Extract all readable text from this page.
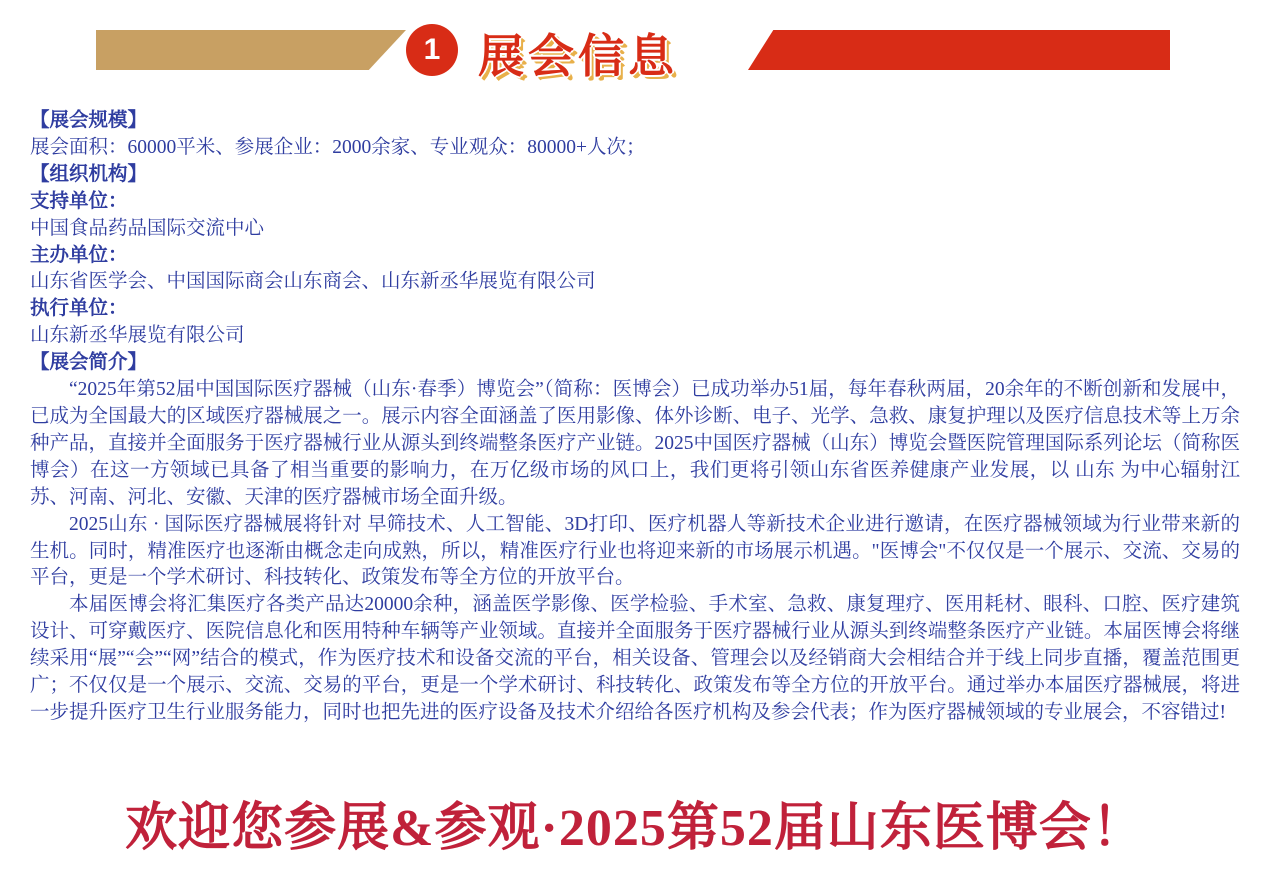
1 展会信息
【展会规模】
展会面积：60000平米、参展企业：2000余家、专业观众：80000+人次；
【组织机构】
支持单位：
中国食品药品国际交流中心
主办单位：
山东省医学会、中国国际商会山东商会、山东新丞华展览有限公司
执行单位：
山东新丞华展览有限公司
【展会简介】
“2025年第52届中国国际医疗器械（山东·春季）博览会”（简称：医博会）已成功举办51届，每年春秋两届，20余年的不断创新和发展中，已成为全国最大的区域医疗器械展之一。展示内容全面涵盖了医用影像、体外诊断、电子、光学、急救、康复护理以及医疗信息技术等上万余种产品，直接并全面服务于医疗器械行业从源头到终端整条医疗产业链。2025中国医疗器械（山东）博览会暨医院管理国际系列论坛（简称医博会）在这一方领域已具备了相当重要的影响力，在万亿级市场的风口上，我们更将引领山东省医养健康产业发展，以 山东 为中心辐射江苏、河南、河北、安徽、天津的医疗器械市场全面升级。
2025山东 · 国际医疗器械展将针对 早筛技术、人工智能、3D打印、医疗机器人等新技术企业进行邀请，在医疗器械领域为行业带来新的生机。同时，精准医疗也逐渐由概念走向成熟，所以，精准医疗行业也将迎来新的市场展示机遇。"医博会"不仅仅是一个展示、交流、交易的平台，更是一个学术研讨、科技转化、政策发布等全方位的开放平台。
本届医博会将汇集医疗各类产品达20000余种，涵盖医学影像、医学检验、手术室、急救、康复理疗、医用耗材、眼科、口腔、医疗建筑设计、可穿戴医疗、医院信息化和医用特种车辆等产业领域。直接并全面服务于医疗器械行业从源头到终端整条医疗产业链。本届医博会将继续采用“展”“会”“网”结合的模式，作为医疗技术和设备交流的平台，相关设备、管理会以及经销商大会相结合并于线上同步直播，覆盖范围更广；不仅仅是一个展示、交流、交易的平台，更是一个学术研讨、科技转化、政策发布等全方位的开放平台。通过举办本届医疗器械展，将进一步提升医疗卫生行业服务能力，同时也把先进的医疗设备及技术介绍给各医疗机构及参会代表；作为医疗器械领域的专业展会，不容错过!
欢迎您参展&参观·2025第52届山东医博会！
